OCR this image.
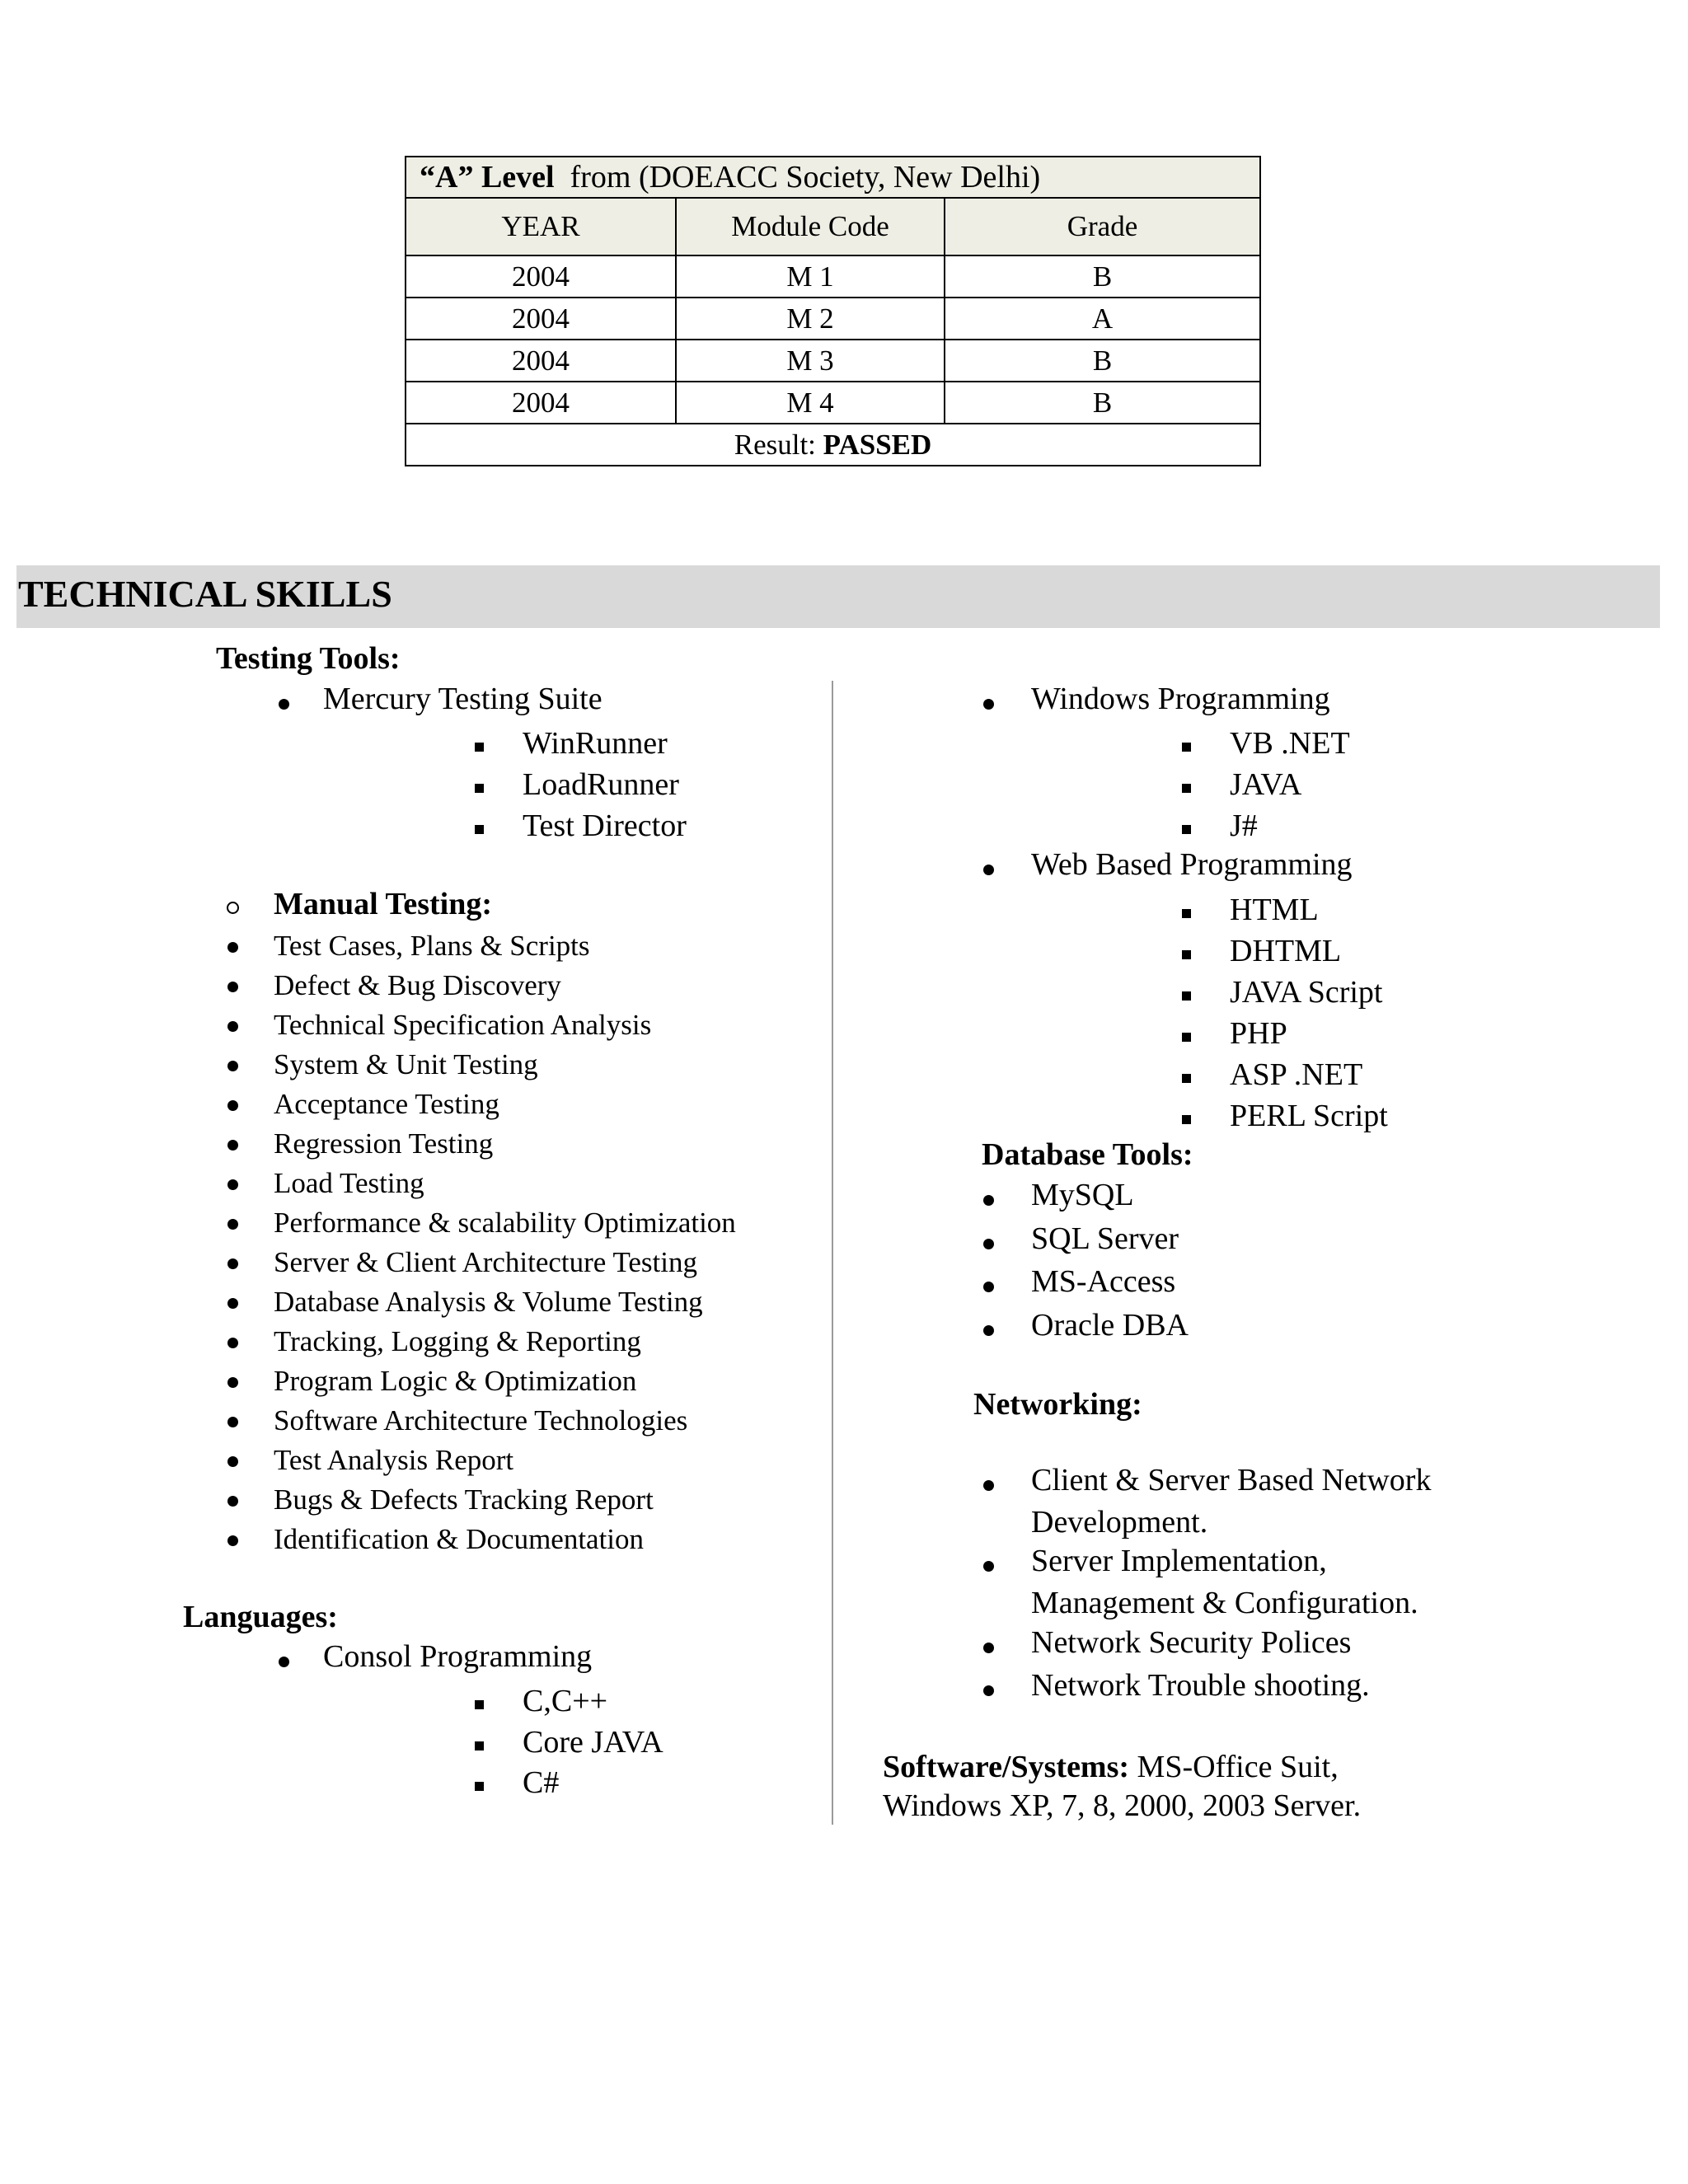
“A” Level from (DOEACC Society, New Delhi)		
YEAR	Module Code	Grade
2004	M 1	B
2004	M 2	A
2004	M 3	B
2004	M 4	B
Result: PASSED		
TECHNICAL SKILLS
Testing Tools:
Mercury Testing Suite
WinRunner
LoadRunner
Test Director
Manual Testing:
Test Cases, Plans & Scripts
Defect & Bug Discovery
Technical Specification Analysis
System & Unit Testing
Acceptance Testing
Regression Testing
Load Testing
Performance & scalability Optimization
Server & Client Architecture Testing
Database Analysis & Volume Testing
Tracking, Logging & Reporting
Program Logic & Optimization
Software Architecture Technologies
Test Analysis Report
Bugs & Defects Tracking Report
Identification & Documentation
Languages:
Consol Programming
C,C++
Core JAVA
C#
Windows Programming
VB .NET
JAVA
J#
Web Based Programming
HTML
DHTML
JAVA Script
PHP
ASP .NET
PERL Script
Database Tools:
MySQL
SQL Server
MS-Access
Oracle DBA
Networking:
Client & Server Based Network
Development.
Server Implementation,
Management & Configuration.
Network Security Polices
Network Trouble shooting.
Software/Systems: MS-Office Suit,
Windows XP, 7, 8, 2000, 2003 Server.
